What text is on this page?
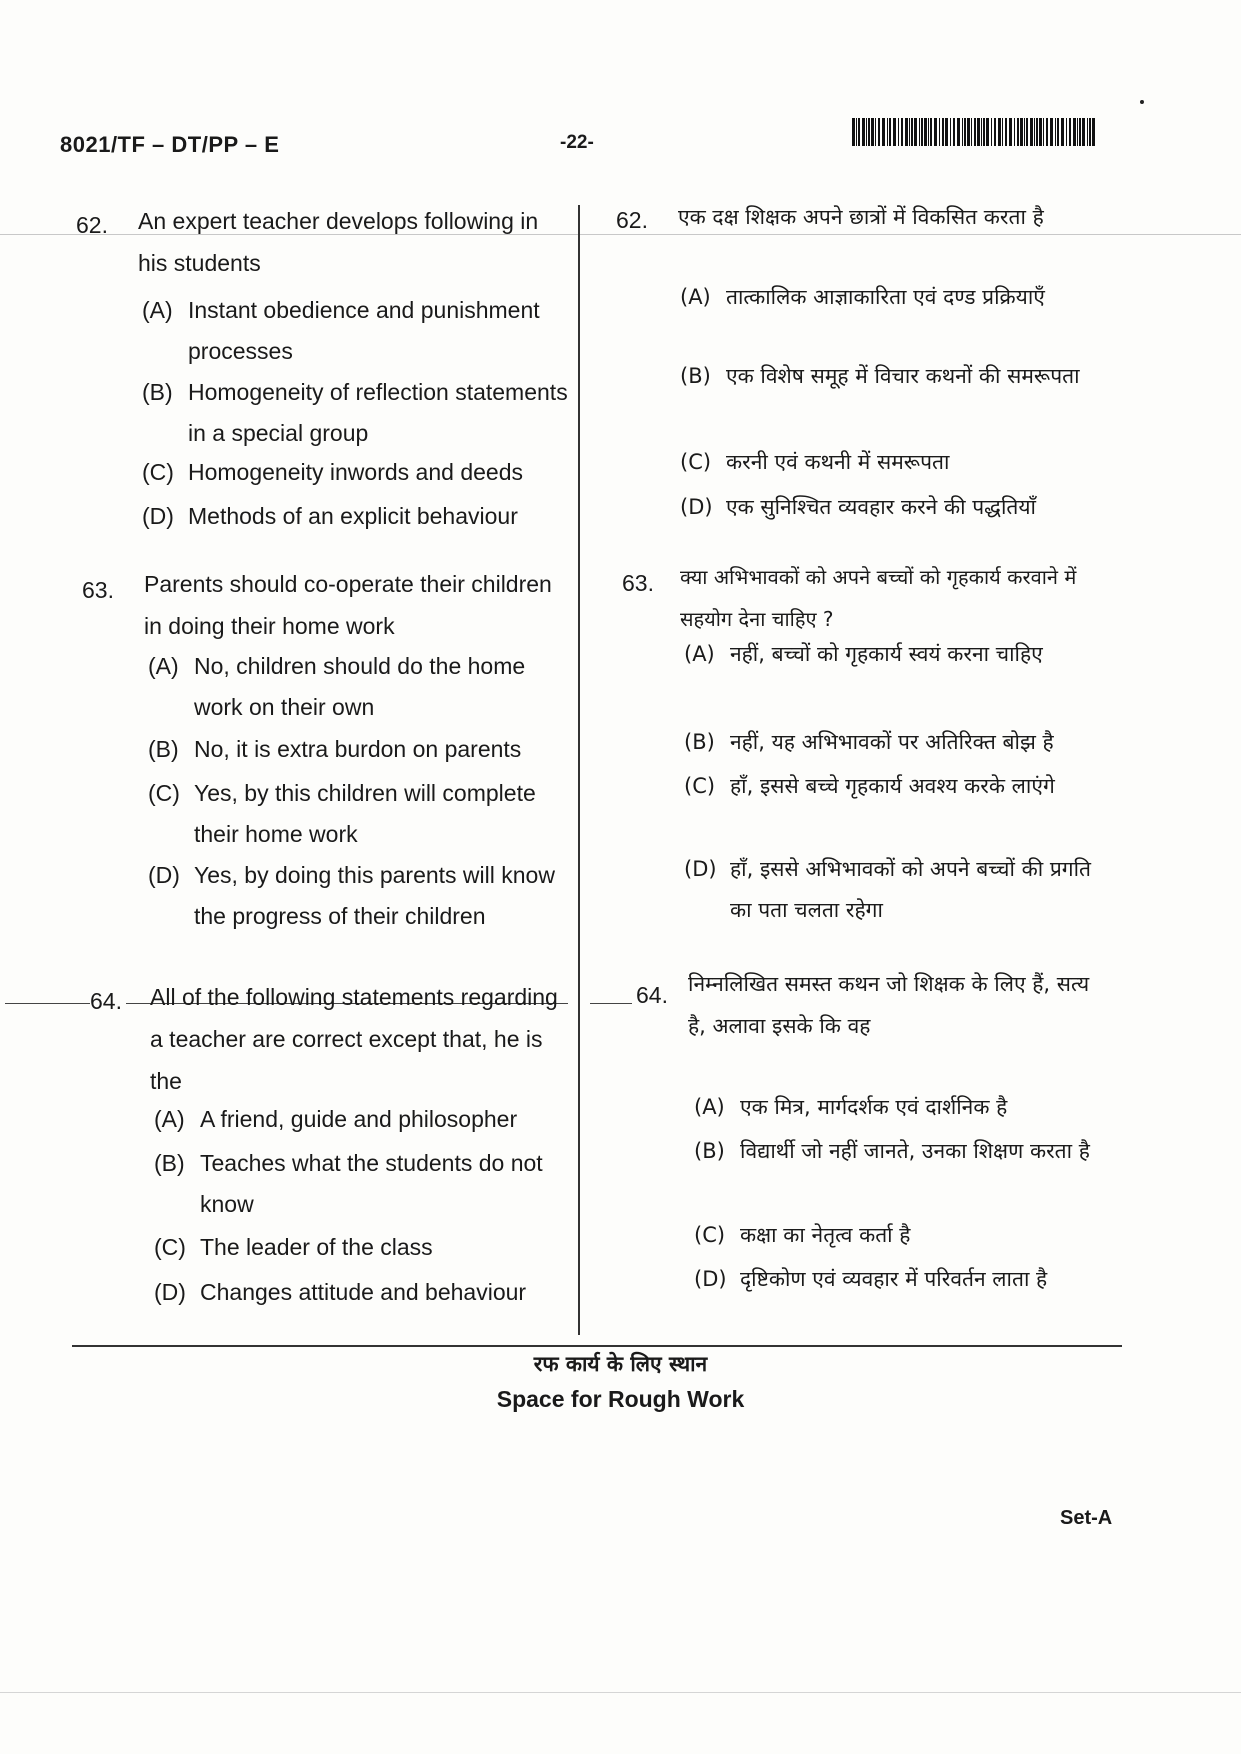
8021/TF – DT/PP – E	-22-
62. An expert teacher develops following in his students
(A) Instant obedience and punishment processes
(B) Homogeneity of reflection statements in a special group
(C) Homogeneity inwords and deeds
(D) Methods of an explicit behaviour
63. Parents should co-operate their children in doing their home work
(A) No, children should do the home work on their own
(B) No, it is extra burdon on parents
(C) Yes, by this children will complete their home work
(D) Yes, by doing this parents will know the progress of their children
64. All of the following statements regarding a teacher are correct except that, he is the
(A) A friend, guide and philosopher
(B) Teaches what the students do not know
(C) The leader of the class
(D) Changes attitude and behaviour
62. एक दक्ष शिक्षक अपने छात्रों में विकसित करता है
(A) तात्कालिक आज्ञाकारिता एवं दण्ड प्रक्रियाएँ
(B) एक विशेष समूह में विचार कथनों की समरूपता
(C) करनी एवं कथनी में समरूपता
(D) एक सुनिश्चित व्यवहार करने की पद्धतियाँ
63. क्या अभिभावकों को अपने बच्चों को गृहकार्य करवाने में सहयोग देना चाहिए ?
(A) नहीं, बच्चों को गृहकार्य स्वयं करना चाहिए
(B) नहीं, यह अभिभावकों पर अतिरिक्त बोझ है
(C) हाँ, इससे बच्चे गृहकार्य अवश्य करके लाएंगे
(D) हाँ, इससे अभिभावकों को अपने बच्चों की प्रगति का पता चलता रहेगा
64. निम्नलिखित समस्त कथन जो शिक्षक के लिए हैं, सत्य है, अलावा इसके कि वह
(A) एक मित्र, मार्गदर्शक एवं दार्शनिक है
(B) विद्यार्थी जो नहीं जानते, उनका शिक्षण करता है
(C) कक्षा का नेतृत्व कर्ता है
(D) दृष्टिकोण एवं व्यवहार में परिवर्तन लाता है
रफ कार्य के लिए स्थान
Space for Rough Work
Set-A
